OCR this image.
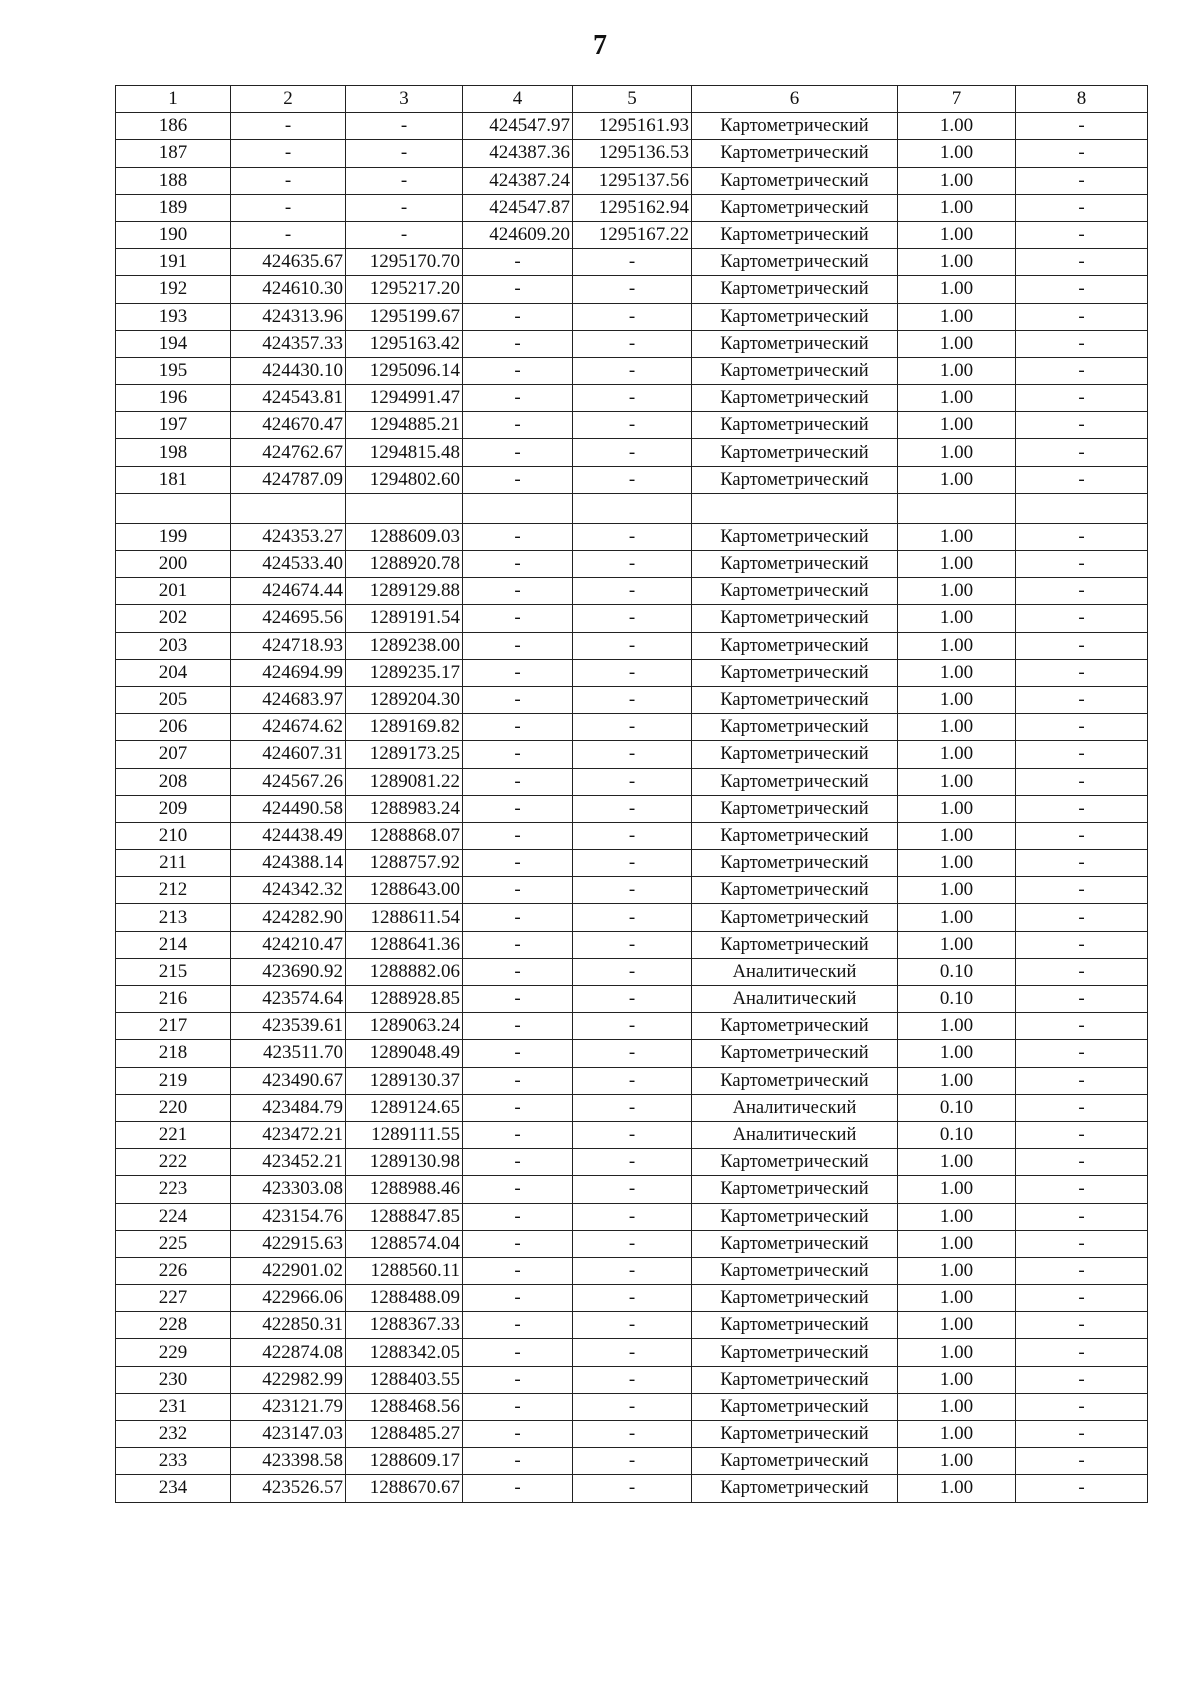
7
1	2	3	4	5	6	7	8
186	-	-	424547.97	1295161.93	Картометрический	1.00	-
187	-	-	424387.36	1295136.53	Картометрический	1.00	-
188	-	-	424387.24	1295137.56	Картометрический	1.00	-
189	-	-	424547.87	1295162.94	Картометрический	1.00	-
190	-	-	424609.20	1295167.22	Картометрический	1.00	-
191	424635.67	1295170.70	-	-	Картометрический	1.00	-
192	424610.30	1295217.20	-	-	Картометрический	1.00	-
193	424313.96	1295199.67	-	-	Картометрический	1.00	-
194	424357.33	1295163.42	-	-	Картометрический	1.00	-
195	424430.10	1295096.14	-	-	Картометрический	1.00	-
196	424543.81	1294991.47	-	-	Картометрический	1.00	-
197	424670.47	1294885.21	-	-	Картометрический	1.00	-
198	424762.67	1294815.48	-	-	Картометрический	1.00	-
181	424787.09	1294802.60	-	-	Картометрический	1.00	-

199	424353.27	1288609.03	-	-	Картометрический	1.00	-
200	424533.40	1288920.78	-	-	Картометрический	1.00	-
201	424674.44	1289129.88	-	-	Картометрический	1.00	-
202	424695.56	1289191.54	-	-	Картометрический	1.00	-
203	424718.93	1289238.00	-	-	Картометрический	1.00	-
204	424694.99	1289235.17	-	-	Картометрический	1.00	-
205	424683.97	1289204.30	-	-	Картометрический	1.00	-
206	424674.62	1289169.82	-	-	Картометрический	1.00	-
207	424607.31	1289173.25	-	-	Картометрический	1.00	-
208	424567.26	1289081.22	-	-	Картометрический	1.00	-
209	424490.58	1288983.24	-	-	Картометрический	1.00	-
210	424438.49	1288868.07	-	-	Картометрический	1.00	-
211	424388.14	1288757.92	-	-	Картометрический	1.00	-
212	424342.32	1288643.00	-	-	Картометрический	1.00	-
213	424282.90	1288611.54	-	-	Картометрический	1.00	-
214	424210.47	1288641.36	-	-	Картометрический	1.00	-
215	423690.92	1288882.06	-	-	Аналитический	0.10	-
216	423574.64	1288928.85	-	-	Аналитический	0.10	-
217	423539.61	1289063.24	-	-	Картометрический	1.00	-
218	423511.70	1289048.49	-	-	Картометрический	1.00	-
219	423490.67	1289130.37	-	-	Картометрический	1.00	-
220	423484.79	1289124.65	-	-	Аналитический	0.10	-
221	423472.21	1289111.55	-	-	Аналитический	0.10	-
222	423452.21	1289130.98	-	-	Картометрический	1.00	-
223	423303.08	1288988.46	-	-	Картометрический	1.00	-
224	423154.76	1288847.85	-	-	Картометрический	1.00	-
225	422915.63	1288574.04	-	-	Картометрический	1.00	-
226	422901.02	1288560.11	-	-	Картометрический	1.00	-
227	422966.06	1288488.09	-	-	Картометрический	1.00	-
228	422850.31	1288367.33	-	-	Картометрический	1.00	-
229	422874.08	1288342.05	-	-	Картометрический	1.00	-
230	422982.99	1288403.55	-	-	Картометрический	1.00	-
231	423121.79	1288468.56	-	-	Картометрический	1.00	-
232	423147.03	1288485.27	-	-	Картометрический	1.00	-
233	423398.58	1288609.17	-	-	Картометрический	1.00	-
234	423526.57	1288670.67	-	-	Картометрический	1.00	-
